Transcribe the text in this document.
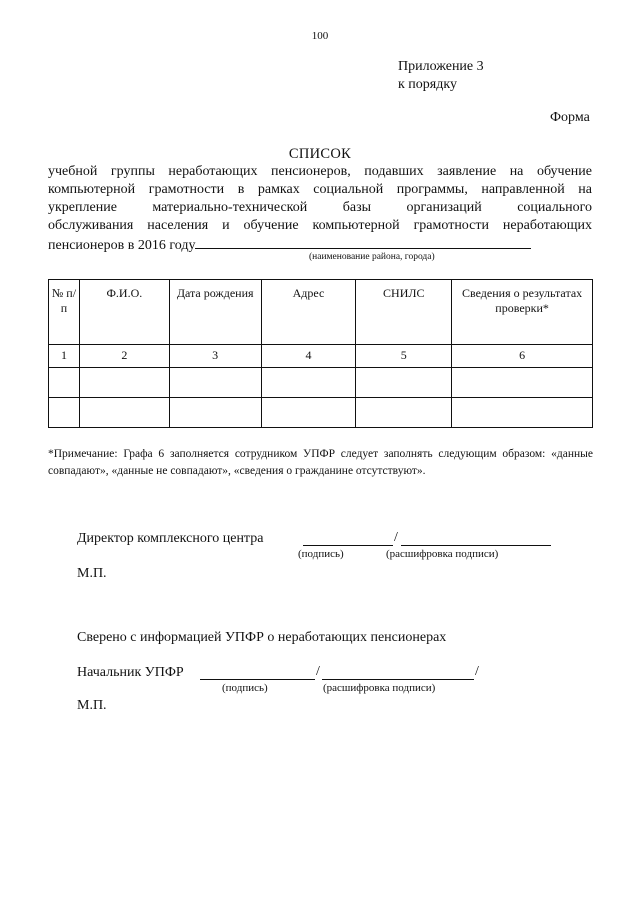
100
Приложение 3
к порядку
Форма
СПИСОК
учебной группы неработающих пенсионеров, подавших заявление на обучение
компьютерной грамотности в рамках социальной программы, направленной на
укрепление материально-технической базы организаций социального
обслуживания населения и обучение компьютерной грамотности неработающих
пенсионеров в 2016 году
(наименование района, города)
№ п/п	Ф.И.О.	Дата рождения	Адрес	СНИЛС	Сведения о результатах проверки*
1	2	3	4	5	6

*Примечание: Графа 6 заполняется сотрудником УПФР следует заполнять следующим образом: «данные совпадают», «данные не совпадают», «сведения о гражданине отсутствуют».
Директор комплексного центра	/
(подпись)	(расшифровка подписи)
М.П.
Сверено с информацией УПФР о неработающих пенсионерах
Начальник УПФР	/	/
(подпись)	(расшифровка подписи)
М.П.
